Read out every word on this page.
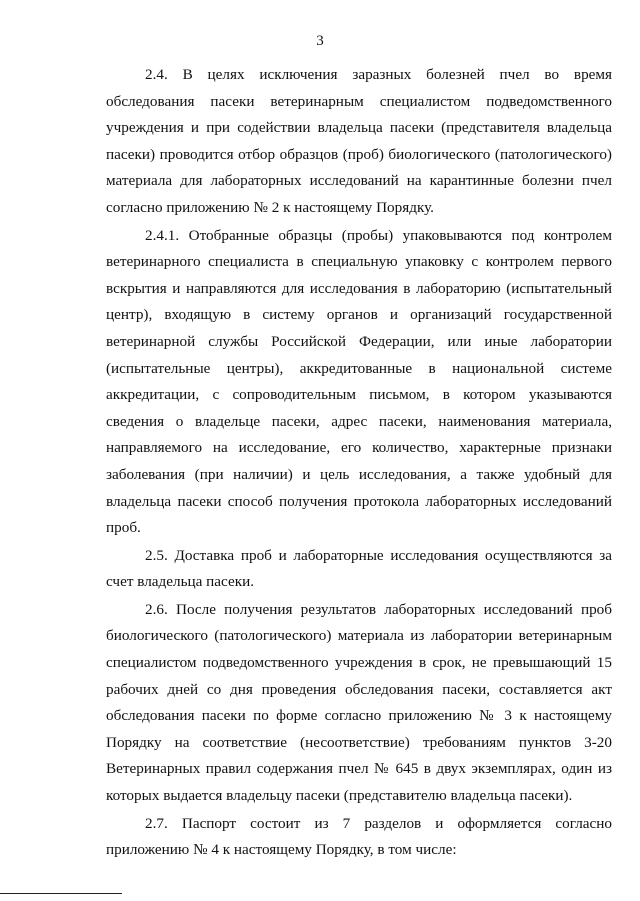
3

2.4. В целях исключения заразных болезней пчел во время обследования пасеки ветеринарным специалистом подведомственного учреждения и при содействии владельца пасеки (представителя владельца пасеки) проводится отбор образцов (проб) биологического (патологического) материала для лабораторных исследований на карантинные болезни пчел согласно приложению № 2 к настоящему Порядку.

2.4.1. Отобранные образцы (пробы) упаковываются под контролем ветеринарного специалиста в специальную упаковку с контролем первого вскрытия и направляются для исследования в лабораторию (испытательный центр), входящую в систему органов и организаций государственной ветеринарной службы Российской Федерации, или иные лаборатории (испытательные центры), аккредитованные в национальной системе аккредитации, с сопроводительным письмом, в котором указываются сведения о владельце пасеки, адрес пасеки, наименования материала, направляемого на исследование, его количество, характерные признаки заболевания (при наличии) и цель исследования, а также удобный для владельца пасеки способ получения протокола лабораторных исследований проб.

2.5. Доставка проб и лабораторные исследования осуществляются за счет владельца пасеки.

2.6. После получения результатов лабораторных исследований проб биологического (патологического) материала из лаборатории ветеринарным специалистом подведомственного учреждения в срок, не превышающий 15 рабочих дней со дня проведения обследования пасеки, составляется акт обследования пасеки по форме согласно приложению № 3 к настоящему Порядку на соответствие (несоответствие) требованиям пунктов 3-20 Ветеринарных правил содержания пчел № 645 в двух экземплярах, один из которых выдается владельцу пасеки (представителю владельца пасеки).

2.7. Паспорт состоит из 7 разделов и оформляется согласно приложению № 4 к настоящему Порядку, в том числе:
